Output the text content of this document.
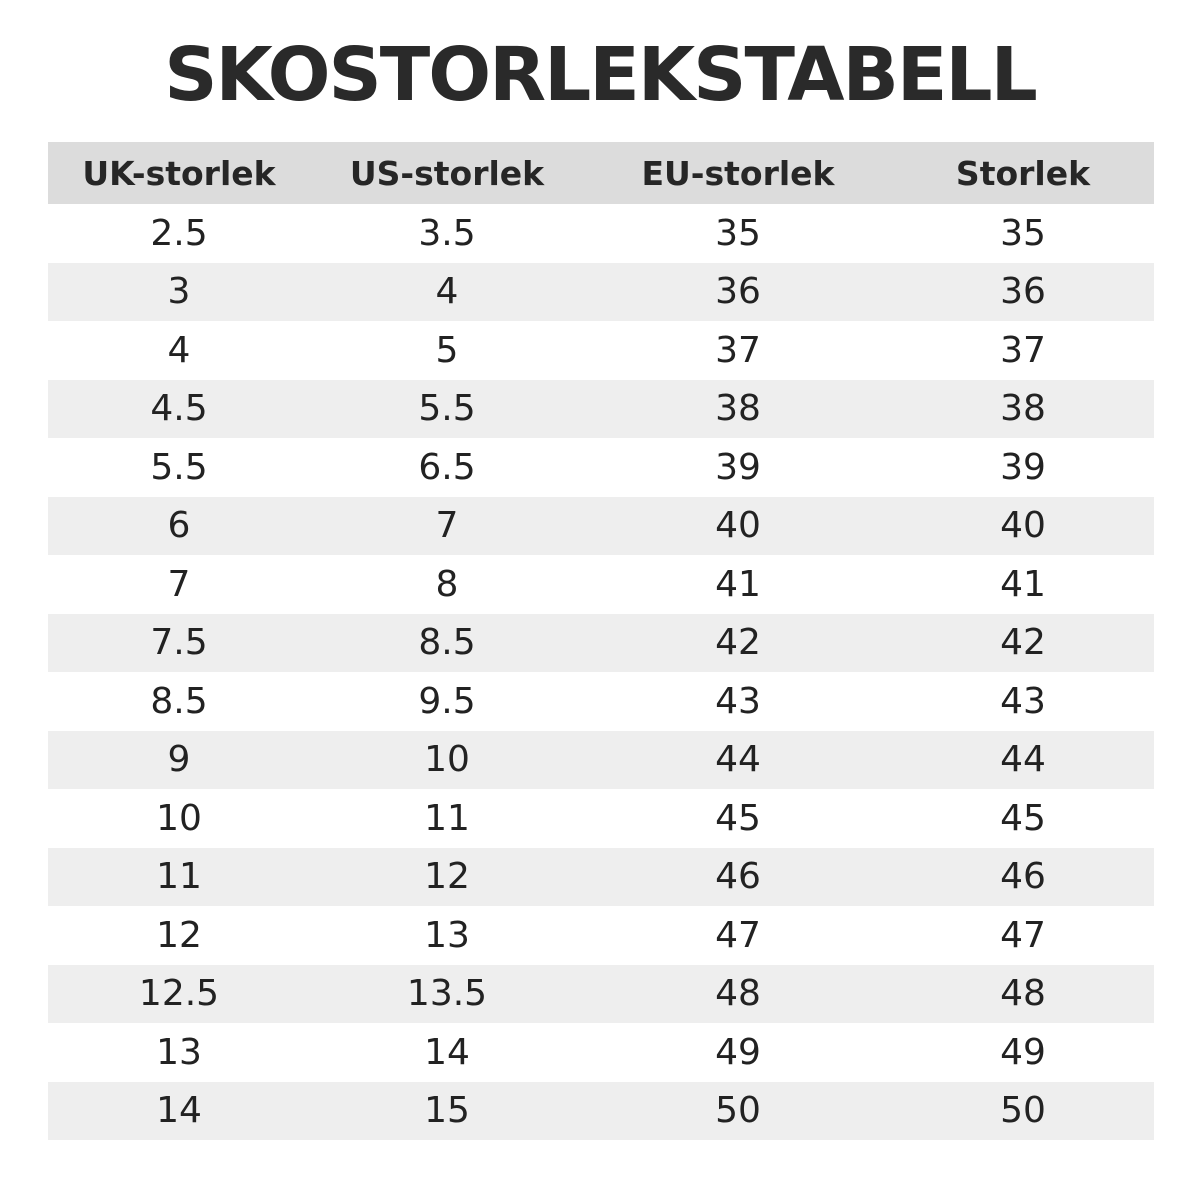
SKOSTORLEKSTABELL
UK-storlek	US-storlek	EU-storlek	Storlek
2.5	3.5	35	35
3	4	36	36
4	5	37	37
4.5	5.5	38	38
5.5	6.5	39	39
6	7	40	40
7	8	41	41
7.5	8.5	42	42
8.5	9.5	43	43
9	10	44	44
10	11	45	45
11	12	46	46
12	13	47	47
12.5	13.5	48	48
13	14	49	49
14	15	50	50
